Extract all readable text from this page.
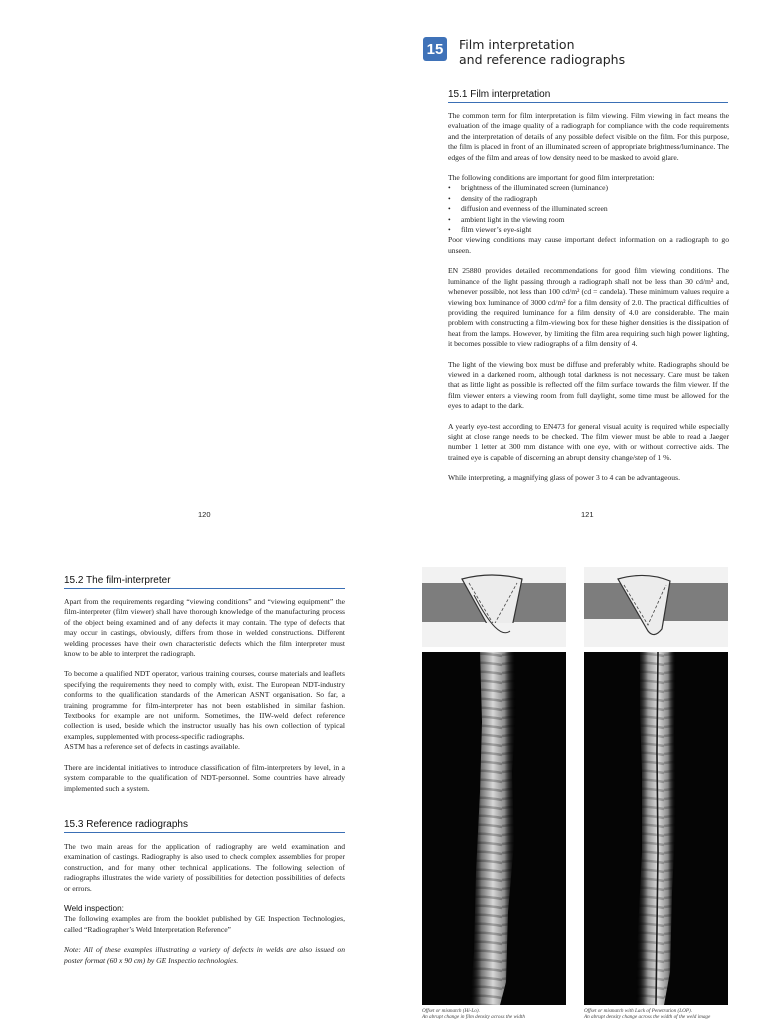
15 Film interpretation
and reference radiographs
15.1 Film interpretation

The common term for film interpretation is film viewing. Film viewing in fact means the evaluation of the image quality of a radiograph for compliance with the code requirements and the interpretation of details of any possible defect visible on the film. For this purpose, the film is placed in front of an illuminated screen of appropriate brightness/luminance. The edges of the film and areas of low density need to be masked to avoid glare.

The following conditions are important for good film interpretation:

• brightness of the illuminated screen (luminance)
• density of the radiograph
• diffusion and evenness of the illuminated screen
• ambient light in the viewing room
• film viewer’s eye-sight

Poor viewing conditions may cause important defect information on a radiograph to go unseen.

EN 25880 provides detailed recommendations for good film viewing conditions. The luminance of the light passing through a radiograph shall not be less than 30 cd/m² and, whenever possible, not less than 100 cd/m² (cd = candela). These minimum values require a viewing box luminance of 3000 cd/m² for a film density of 2.0. The practical difficulties of providing the required luminance for a film density of 4.0 are considerable. The main problem with constructing a film-viewing box for these higher densities is the dissipation of heat from the lamps. However, by limiting the film area requiring such high power lighting, it becomes possible to view radiographs of a film density of 4.

The light of the viewing box must be diffuse and preferably white. Radiographs should be viewed in a darkened room, although total darkness is not necessary. Care must be taken that as little light as possible is reflected off the film surface towards the film viewer. If the film viewer enters a viewing room from full daylight, some time must be allowed for the eyes to adapt to the dark.

A yearly eye-test according to EN473 for general visual acuity is required while especially sight at close range needs to be checked. The film viewer must be able to read a Jaeger number 1 letter at 300 mm distance with one eye, with or without corrective aids. The trained eye is capable of discerning an abrupt density change/step of 1 %.

While interpreting, a magnifying glass of power 3 to 4 can be advantageous.

120	121
15.2 The film-interpreter

Apart from the requirements regarding “viewing conditions” and “viewing equipment” the film-interpreter (film viewer) shall have thorough knowledge of the manufacturing process of the object being examined and of any defects it may contain. The type of defects that may occur in castings, obviously, differs from those in welded constructions. Different welding processes have their own characteristic defects which the film interpreter must know to be able to interpret the radiograph.

To become a qualified NDT operator, various training courses, course materials and leaflets specifying the requirements they need to comply with, exist. The European NDT-industry conforms to the qualification standards of the American ASNT organisation. So far, a training programme for film-interpreter has not been established in similar fashion. Textbooks for example are not uniform. Sometimes, the IIW-weld defect reference collection is used, beside which the instructor usually has his own collection of typical examples, supplemented with process-specific radiographs.

ASTM has a reference set of defects in castings available.

There are incidental initiatives to introduce classification of film-interpreters by level, in a system comparable to the qualification of NDT-personnel. Some countries have already implemented such a system.

15.3 Reference radiographs

The two main areas for the application of radiography are weld examination and examination of castings. Radiography is also used to check complex assemblies for proper construction, and for many other technical applications. The following selection of radiographs illustrates the wide variety of possibilities for detection possibilities of defects or errors.

Weld inspection:

The following examples are from the booklet published by GE Inspection Technologies, called “Radiographer’s Weld Interpretation Reference”

Note: All of these examples illustrating a variety of defects in welds are also issued on poster format (60 x 90 cm) by GE Inspectio technologies.

Offset or mismatch (Hi-Lo).
An abrupt change in film density across the width
Offset or mismatch with Lack of Penetration (LOP).
An abrupt density change across the width of the weld image
